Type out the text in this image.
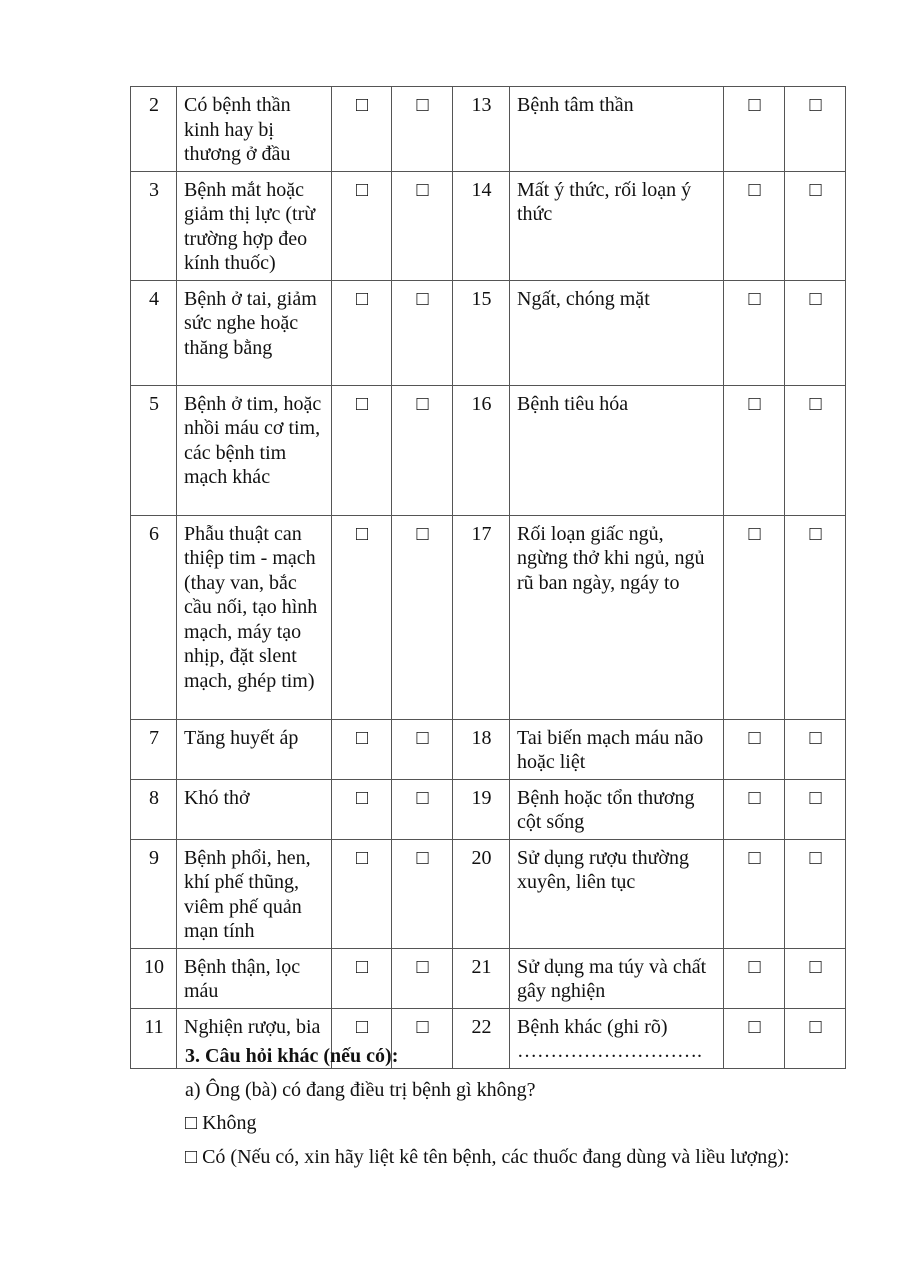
2	Có bệnh thần kinh hay bị thương ở đầu	□	□	13	Bệnh tâm thần	□	□
3	Bệnh mắt hoặc giảm thị lực (trừ trường hợp đeo kính thuốc)	□	□	14	Mất ý thức, rối loạn ý thức	□	□
4	Bệnh ở tai, giảm sức nghe hoặc thăng bằng	□	□	15	Ngất, chóng mặt	□	□
5	Bệnh ở tim, hoặc nhồi máu cơ tim, các bệnh tim mạch khác	□	□	16	Bệnh tiêu hóa	□	□
6	Phẫu thuật can thiệp tim - mạch (thay van, bắc cầu nối, tạo hình mạch, máy tạo nhịp, đặt slent mạch, ghép tim)	□	□	17	Rối loạn giấc ngủ, ngừng thở khi ngủ, ngủ rũ ban ngày, ngáy to	□	□
7	Tăng huyết áp	□	□	18	Tai biến mạch máu não hoặc liệt	□	□
8	Khó thở	□	□	19	Bệnh hoặc tổn thương cột sống	□	□
9	Bệnh phổi, hen, khí phế thũng, viêm phế quản mạn tính	□	□	20	Sử dụng rượu thường xuyên, liên tục	□	□
10	Bệnh thận, lọc máu	□	□	21	Sử dụng ma túy và chất gây nghiện	□	□
11	Nghiện rượu, bia	□	□	22	Bệnh khác (ghi rõ) ……………………….	□	□
3. Câu hỏi khác (nếu có):
a) Ông (bà) có đang điều trị bệnh gì không?
□ Không
□ Có (Nếu có, xin hãy liệt kê tên bệnh, các thuốc đang dùng và liều lượng):
